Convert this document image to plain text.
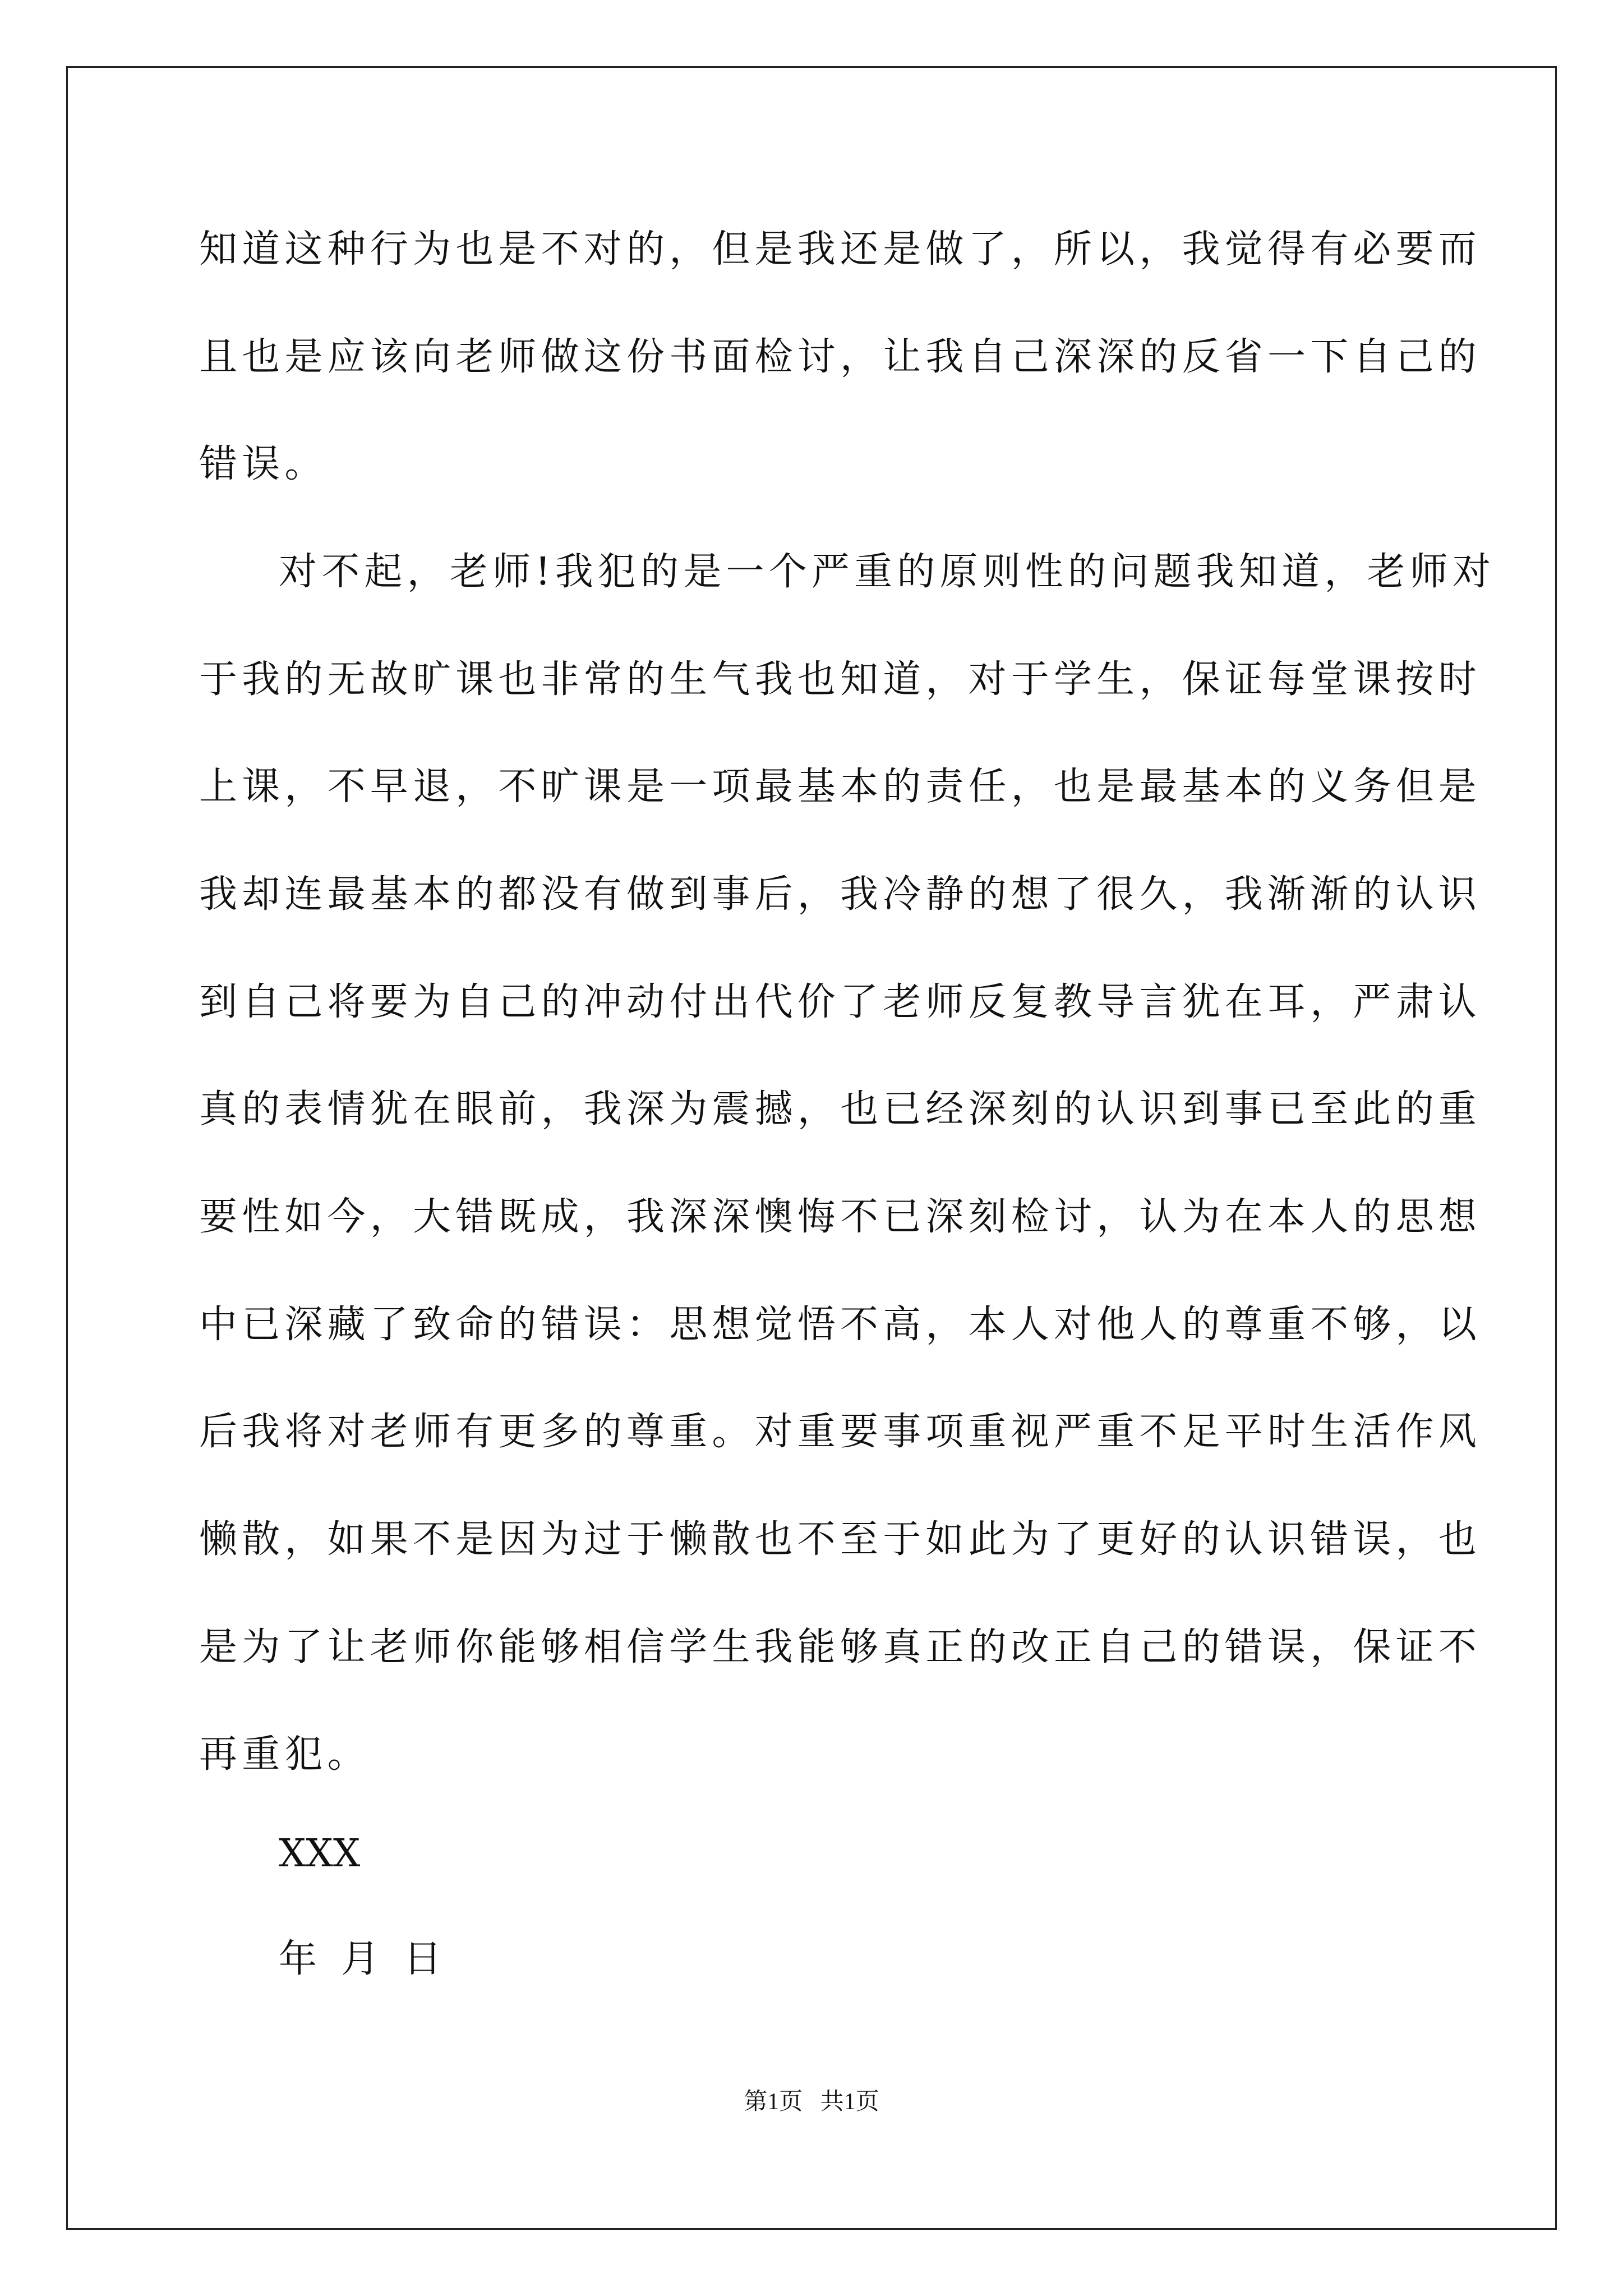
知道这种行为也是不对的，但是我还是做了，所以，我觉得有必要而
且也是应该向老师做这份书面检讨，让我自己深深的反省一下自己的
错误。
对不起，老师!我犯的是一个严重的原则性的问题我知道，老师对
于我的无故旷课也非常的生气我也知道，对于学生，保证每堂课按时
上课，不早退，不旷课是一项最基本的责任，也是最基本的义务但是
我却连最基本的都没有做到事后，我冷静的想了很久，我渐渐的认识
到自己将要为自己的冲动付出代价了老师反复教导言犹在耳，严肃认
真的表情犹在眼前，我深为震撼，也已经深刻的认识到事已至此的重
要性如今，大错既成，我深深懊悔不已深刻检讨，认为在本人的思想
中已深藏了致命的错误：思想觉悟不高，本人对他人的尊重不够，以
后我将对老师有更多的尊重。对重要事项重视严重不足平时生活作风
懒散，如果不是因为过于懒散也不至于如此为了更好的认识错误，也
是为了让老师你能够相信学生我能够真正的改正自己的错误，保证不
再重犯。
XXX
年  月  日
第1页   共1页
